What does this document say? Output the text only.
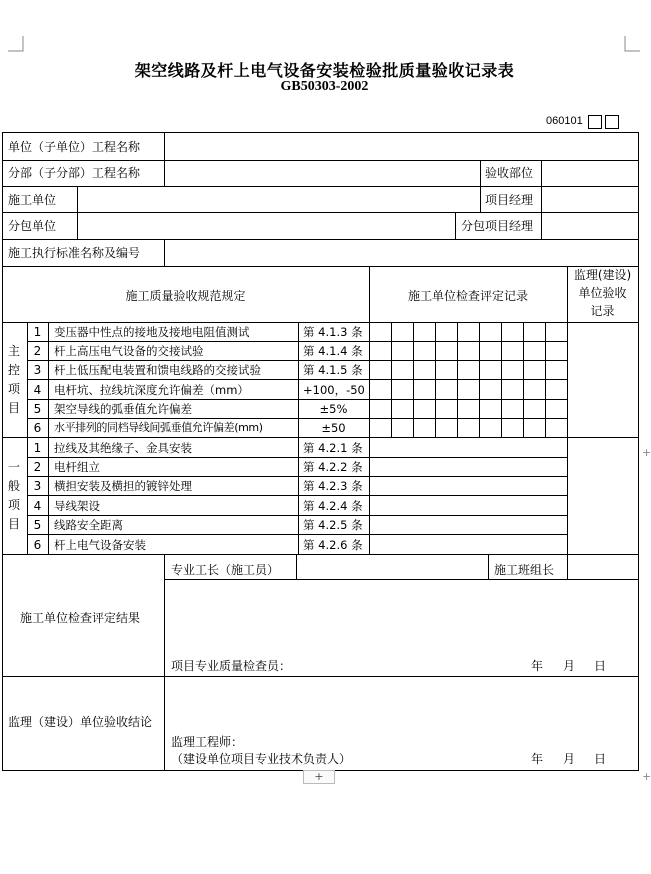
+
+
架空线路及杆上电气设备安装检验批质量验收记录表
GB50303-2002
060101
单位（子单位）工程名称
分部（子分部）工程名称	验收部位
施工单位	项目经理
分包单位	分包项目经理
施工执行标准名称及编号
施工质量验收规范规定	施工单位检查评定记录
监理(建设)
单位验收
记录
主
控
项
目
1	变压器中性点的接地及接地电阻值测试	第 4.1.3 条
2	杆上高压电气设备的交接试验	第 4.1.4 条
3	杆上低压配电装置和馈电线路的交接试验	第 4.1.5 条
4	电杆坑、拉线坑深度允许偏差（mm）	+100，-50
5	架空导线的弧垂值允许偏差	±5%
6	水平排列的同档导线间弧垂值允许偏差(mm)	±50
一
般
项
目
1	拉线及其绝缘子、金具安装	第 4.2.1 条
2	电杆组立	第 4.2.2 条
3	横担安装及横担的镀锌处理	第 4.2.3 条
4	导线架设	第 4.2.4 条
5	线路安全距离	第 4.2.5 条
6	杆上电气设备安装	第 4.2.6 条
施工单位检查评定结果
专业工长（施工员）	施工班组长
项目专业质量检查员：	年 月 日
监理（建设）单位验收结论
监理工程师：
（建设单位项目专业技术负责人）	年 月 日
+
